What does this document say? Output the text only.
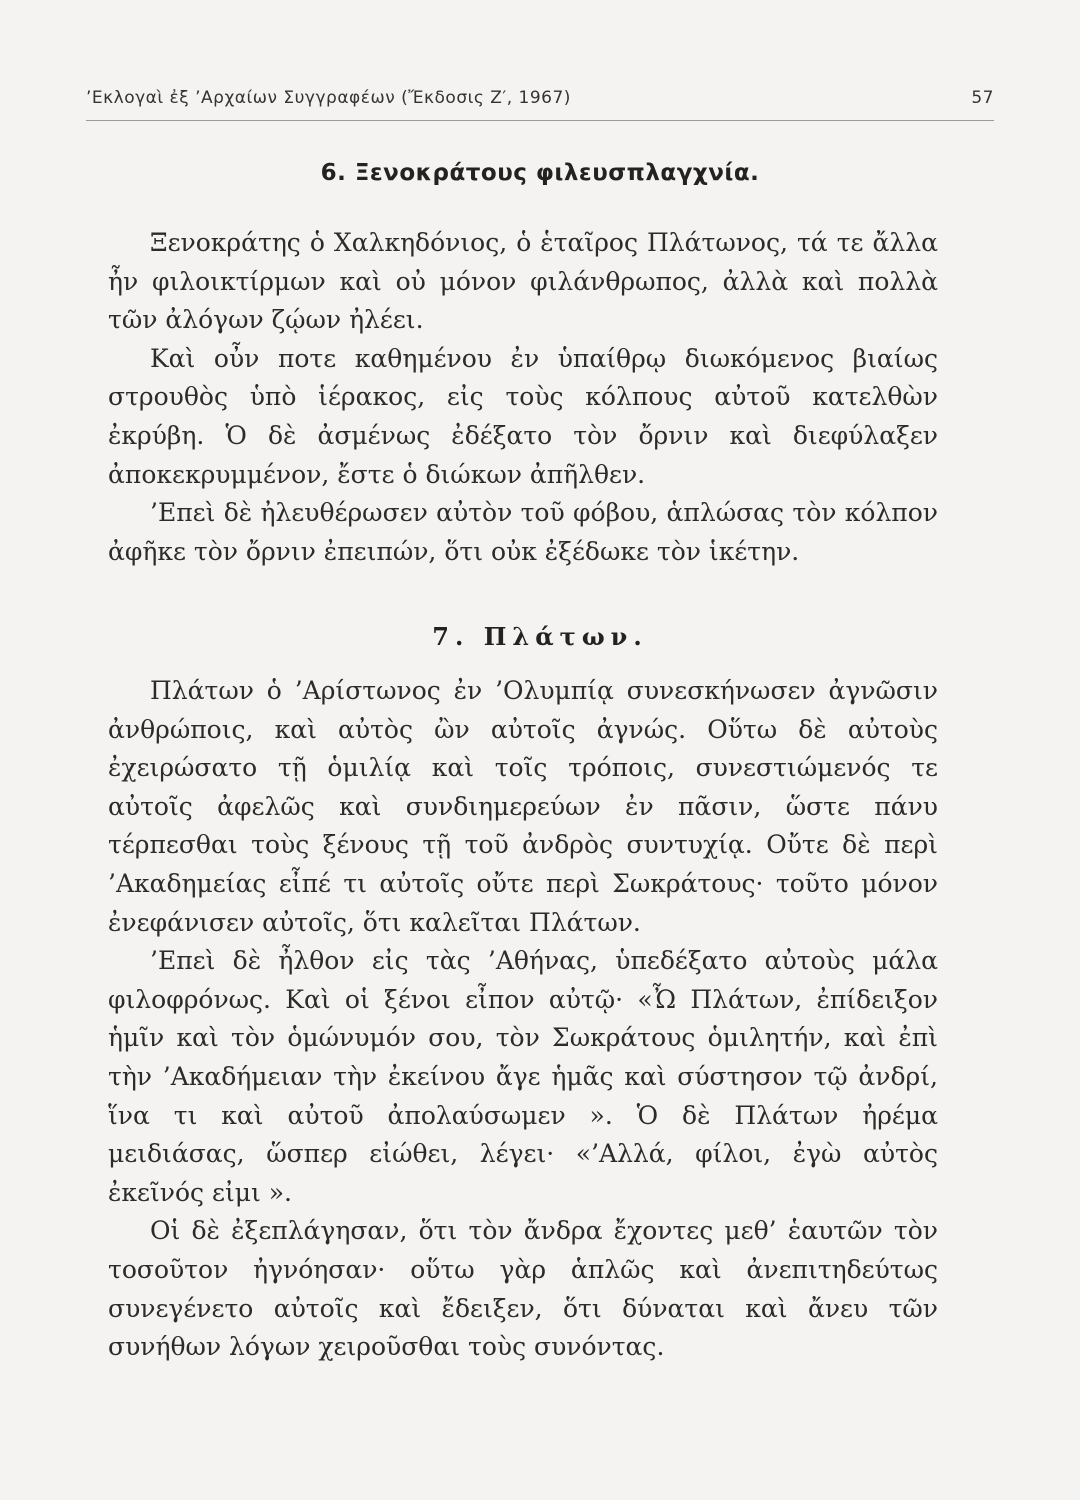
’Εκλογαὶ ἐξ ’Αρχαίων Συγγραφέων (Ἔκδοσις Ζ′, 1967)	57
6. Ξενοκράτους φιλευσπλαγχνία.

Ξενοκράτης ὁ Χαλκηδόνιος, ὁ ἑταῖρος Πλάτωνος, τά τε ἄλλα ἦν φιλοικτίρμων καὶ οὐ μόνον φιλάνθρωπος, ἀλλὰ καὶ πολλὰ τῶν ἀλόγων ζῴων ἠλέει.

Καὶ οὖν ποτε καθημένου ἐν ὑπαίθρῳ διωκόμενος βιαίως στρουθὸς ὑπὸ ἱέρακος, εἰς τοὺς κόλπους αὐτοῦ κατελθὼν ἐκρύβη. Ὁ δὲ ἀσμένως ἐδέξατο τὸν ὄρνιν καὶ διεφύλαξεν ἀποκεκρυμμένον, ἔστε ὁ διώκων ἀπῆλθεν.

’Επεὶ δὲ ἠλευθέρωσεν αὐτὸν τοῦ φόβου, ἁπλώσας τὸν κόλπον ἀφῆκε τὸν ὄρνιν ἐπειπών, ὅτι οὐκ ἐξέδωκε τὸν ἱκέτην.

7. Πλάτων.

Πλάτων ὁ ’Αρίστωνος ἐν ’Ολυμπίᾳ συνεσκήνωσεν ἀγνῶσιν ἀνθρώποις, καὶ αὐτὸς ὢν αὐτοῖς ἀγνώς. Οὕτω δὲ αὐτοὺς ἐχειρώσατο τῇ ὁμιλίᾳ καὶ τοῖς τρόποις, συνεστιώμενός τε αὐτοῖς ἀφελῶς καὶ συνδιημερεύων ἐν πᾶσιν, ὥστε πάνυ τέρπεσθαι τοὺς ξένους τῇ τοῦ ἀνδρὸς συντυχίᾳ. Οὔτε δὲ περὶ ’Ακαδημείας εἶπέ τι αὐτοῖς οὔτε περὶ Σωκράτους· τοῦτο μόνον ἐνεφάνισεν αὐτοῖς, ὅτι καλεῖται Πλάτων.

’Επεὶ δὲ ἦλθον εἰς τὰς ’Αθήνας, ὑπεδέξατο αὐτοὺς μάλα φιλοφρόνως. Καὶ οἱ ξένοι εἶπον αὐτῷ· «Ὦ Πλάτων, ἐπίδειξον ἡμῖν καὶ τὸν ὁμώνυμόν σου, τὸν Σωκράτους ὁμιλητήν, καὶ ἐπὶ τὴν ’Ακαδήμειαν τὴν ἐκείνου ἄγε ἡμᾶς καὶ σύστησον τῷ ἀνδρί, ἵνα τι καὶ αὐτοῦ ἀπολαύσωμεν ». Ὁ δὲ Πλάτων ἠρέμα μειδιάσας, ὥσπερ εἰώθει, λέγει· «’Αλλά, φίλοι, ἐγὼ αὐτὸς ἐκεῖνός εἰμι ».

Οἱ δὲ ἐξεπλάγησαν, ὅτι τὸν ἄνδρα ἔχοντες μεθ’ ἑαυτῶν τὸν τοσοῦτον ἠγνόησαν· οὕτω γὰρ ἁπλῶς καὶ ἀνεπιτηδεύτως συνεγένετο αὐτοῖς καὶ ἔδειξεν, ὅτι δύναται καὶ ἄνευ τῶν συνήθων λόγων χειροῦσθαι τοὺς συνόντας.
